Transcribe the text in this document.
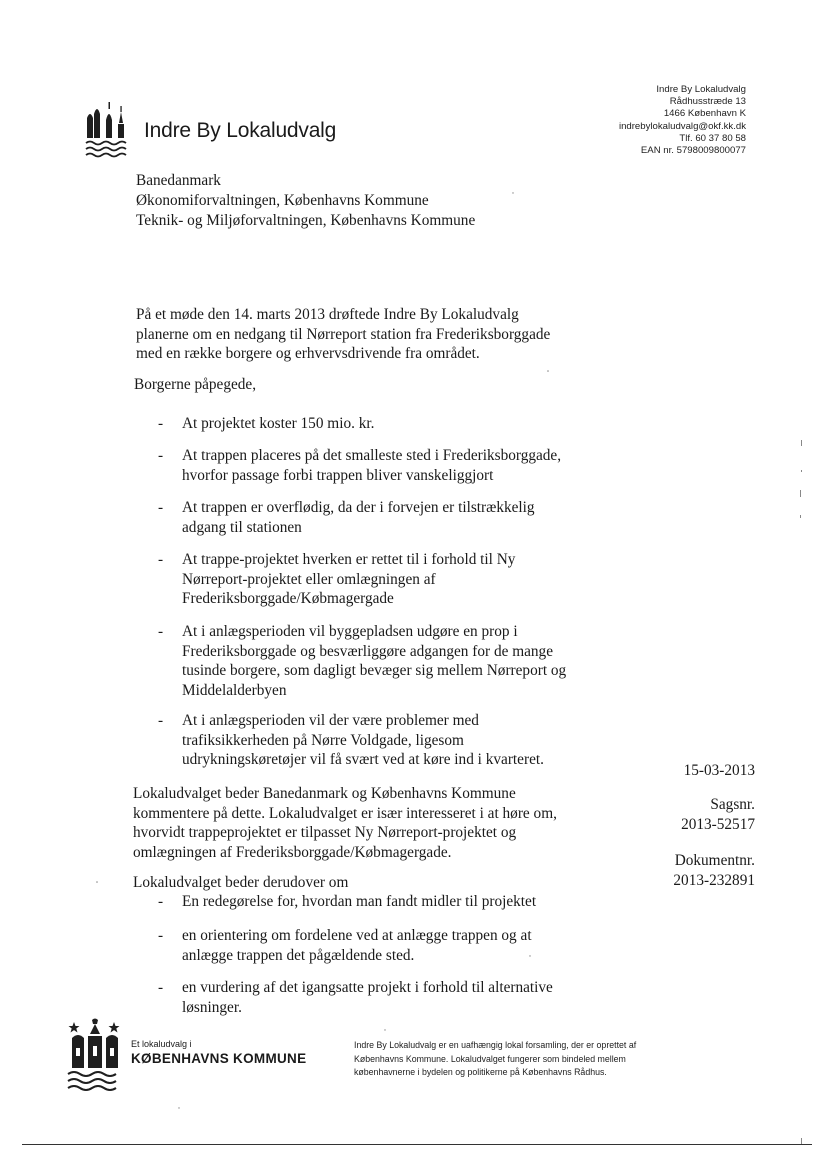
Indre By Lokaludvalg
Rådhusstræde 13
1466 København K
indrebylokaludvalg@okf.kk.dk
Tlf. 60 37 80 58
EAN nr. 5798009800077
Indre By Lokaludvalg
Banedanmark
Økonomiforvaltningen, Københavns Kommune
Teknik- og Miljøforvaltningen, Københavns Kommune
På et møde den 14. marts 2013 drøftede Indre By Lokaludvalg
planerne om en nedgang til Nørreport station fra Frederiksborggade
med en række borgere og erhvervsdrivende fra området.
Borgerne påpegede,
-	At projektet koster 150 mio. kr.
-	At trappen placeres på det smalleste sted i Frederiksborggade,
hvorfor passage forbi trappen bliver vanskeliggjort
-	At trappen er overflødig, da der i forvejen er tilstrækkelig
adgang til stationen
-	At trappe-projektet hverken er rettet til i forhold til Ny
Nørreport-projektet eller omlægningen af
Frederiksborggade/Købmagergade
-	At i anlægsperioden vil byggepladsen udgøre en prop i
Frederiksborggade og besværliggøre adgangen for de mange
tusinde borgere, som dagligt bevæger sig mellem Nørreport og
Middelalderbyen
-	At i anlægsperioden vil der være problemer med
trafiksikkerheden på Nørre Voldgade, ligesom
udrykningskøretøjer vil få svært ved at køre ind i kvarteret.
Lokaludvalget beder Banedanmark og Københavns Kommune
kommentere på dette. Lokaludvalget er især interesseret i at høre om,
hvorvidt trappeprojektet er tilpasset Ny Nørreport-projektet og
omlægningen af Frederiksborggade/Købmagergade.
Lokaludvalget beder derudover om
-	En redegørelse for, hvordan man fandt midler til projektet
-	en orientering om fordelene ved at anlægge trappen og at
anlægge trappen det pågældende sted.
-	en vurdering af det igangsatte projekt i forhold til alternative
løsninger.
15-03-2013
Sagsnr.
2013-52517
Dokumentnr.
2013-232891
Et lokaludvalg i
KØBENHAVNS KOMMUNE
Indre By Lokaludvalg er en uafhængig lokal forsamling, der er oprettet af
Københavns Kommune. Lokaludvalget fungerer som bindeled mellem
københavnerne i bydelen og politikerne på Københavns Rådhus.
